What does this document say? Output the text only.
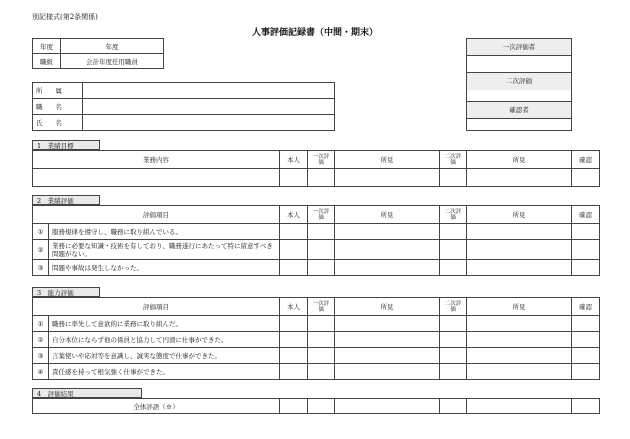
別記様式(第2条関係)
人事評価記録書（中間・期末）
年度	年度
職級	会計年度任用職員
一次評価者
二次評価
確認者
所　　属	
職　　名	
氏　　名	
1　業績目標
業務内容	本人	一次評価	所見	二次評価	所見	確認

2　業績評価
評価項目		本人	一次評価	所見	二次評価	所見	確認
①	服務規律を遵守し、職務に取り組んでいる。						
②	業務に必要な知識・技術を有しており、職務遂行にあたって特に留意すべき問題がない。						
③	問題や事故は発生しなかった。						
3　能力評価
評価項目		本人	一次評価	所見	二次評価	所見	確認
①	職務に率先して意欲的に業務に取り組んだ。						
②	自分本位にならず他の係員と協力して円滑に仕事ができた。						
③	言葉使いや応対等を意識し、誠実な態度で仕事ができた。						
④	責任感を持って根気強く仕事ができた。						
4　評価結果
全体評語（※）						
